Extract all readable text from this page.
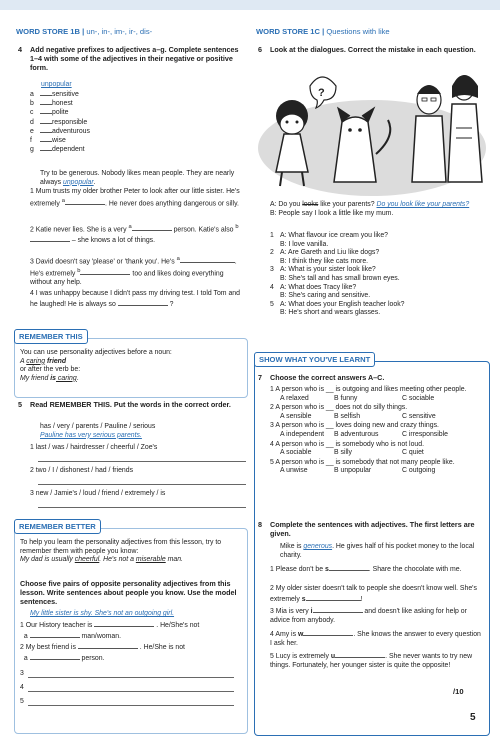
WORD STORE 1B | un-, in-, im-, ir-, dis-
4 Add negative prefixes to adjectives a–g. Complete sentences 1–4 with some of the adjectives in their negative or positive form.
unpopular
a	sensitive
b	honest
c	polite
d	responsible
e	adventurous
f	wise
g	dependent
Try to be generous. Nobody likes mean people. They are nearly always unpopular.
1 Mum trusts my older brother Peter to look after our little sister. He's extremely $^a$	. He never does anything dangerous or silly.
2 Katie never lies. She is a very $^a$	person. Katie's also $^b$ – she knows a lot of things.
3 David doesn't say 'please' or 'thank you'. He's $^a$	. He's extremely $^b$	too and likes doing everything without any help.
4 I was unhappy because I didn't pass my driving test. I told Tom and he laughed! He is always so	?
REMEMBER THIS
You can use personality adjectives before a noun:
A caring friend
or after the verb be:
My friend is caring.
5 Read REMEMBER THIS. Put the words in the correct order.
has / very / parents / Pauline / serious
Pauline has very serious parents.
1 last / was / hairdresser / cheerful / Zoe's
2 two / I / dishonest / had / friends
3 new / Jamie's / loud / friend / extremely / is
REMEMBER BETTER
To help you learn the personality adjectives from this lesson, try to remember them with people you know:
My dad is usually cheerful. He's not a miserable man.
Choose five pairs of opposite personality adjectives from this lesson. Write sentences about people you know. Use the model sentences.
My little sister is shy. She's not an outgoing girl.
1 Our History teacher is	. He/She's not
a	man/woman.
2 My best friend is	. He/She is not
a	person.
3
4
5
WORD STORE 1C | Questions with like
6 Look at the dialogues. Correct the mistake in each question.
?
A: Do you looks like your parents? Do you look like your parents?
B: People say I look a little like my mum.
1 A: What flavour ice cream you like?
B: I love vanilla.
2 A: Are Gareth and Liu like dogs?
B: I think they like cats more.
3 A: What is your sister look like?
B: She's tall and has small brown eyes.
4 A: What does Tracy like?
B: She's caring and sensitive.
5 A: What does your English teacher look?
B: He's short and wears glasses.
SHOW WHAT YOU'VE LEARNT
7 Choose the correct answers A–C.
1 A person who is __ is outgoing and likes meeting other people.
A relaxed	B funny	C sociable
2 A person who is __ does not do silly things.
A sensible	B selfish	C sensitive
3 A person who is __ loves doing new and crazy things.
A independent	B adventurous	C irresponsible
4 A person who is __ is somebody who is not loud.
A sociable	B silly	C quiet
5 A person who is __ is somebody that not many people like.
A unwise	B unpopular	C outgoing
8 Complete the sentences with adjectives. The first letters are given.
Mike is generous. He gives half of his pocket money to the local charity.
1 Please don't be s	. Share the chocolate with me.
2 My older sister doesn't talk to people she doesn't know well. She's extremely s	!
3 Mia is very i	and doesn't like asking for help or advice from anybody.
4 Amy is w	. She knows the answer to every question I ask her.
5 Lucy is extremely u	. She never wants to try new things. Fortunately, her younger sister is quite the opposite!
/10
5
